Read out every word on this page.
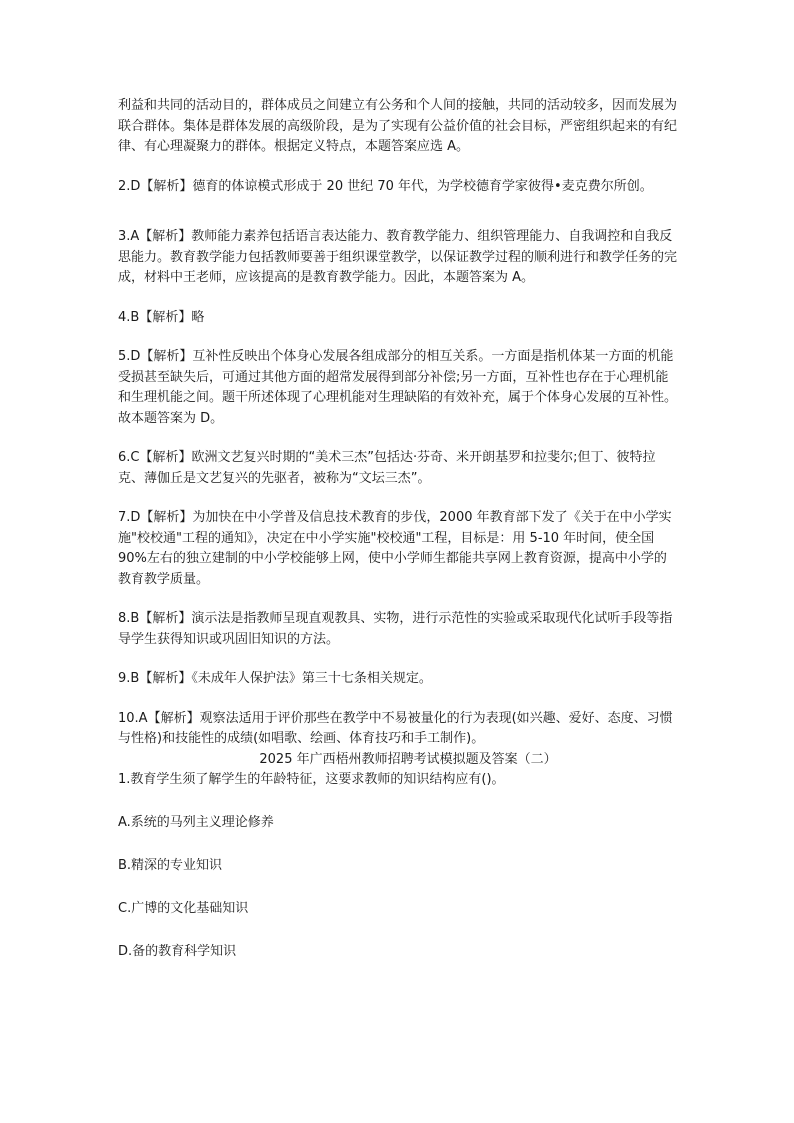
利益和共同的活动目的，群体成员之间建立有公务和个人间的接触，共同的活动较多，因而发展为联合群体。集体是群体发展的高级阶段，是为了实现有公益价值的社会目标，严密组织起来的有纪律、有心理凝聚力的群体。根据定义特点，本题答案应选 A。

2.D【解析】德育的体谅模式形成于 20 世纪 70 年代，为学校德育学家彼得•麦克费尔所创。

3.A【解析】教师能力素养包括语言表达能力、教育教学能力、组织管理能力、自我调控和自我反思能力。教育教学能力包括教师要善于组织课堂教学，以保证教学过程的顺利进行和教学任务的完成，材料中王老师，应该提高的是教育教学能力。因此，本题答案为 A。

4.B【解析】略

5.D【解析】互补性反映出个体身心发展各组成部分的相互关系。一方面是指机体某一方面的机能受损甚至缺失后，可通过其他方面的超常发展得到部分补偿;另一方面，互补性也存在于心理机能和生理机能之间。题干所述体现了心理机能对生理缺陷的有效补充，属于个体身心发展的互补性。故本题答案为 D。

6.C【解析】欧洲文艺复兴时期的“美术三杰”包括达·芬奇、米开朗基罗和拉斐尔;但丁、彼特拉克、薄伽丘是文艺复兴的先驱者，被称为“文坛三杰”。

7.D【解析】为加快在中小学普及信息技术教育的步伐，2000 年教育部下发了《关于在中小学实施"校校通"工程的通知》，决定在中小学实施"校校通"工程，目标是：用 5-10 年时间，使全国 90%左右的独立建制的中小学校能够上网，使中小学师生都能共享网上教育资源，提高中小学的教育教学质量。

8.B【解析】演示法是指教师呈现直观教具、实物，进行示范性的实验或采取现代化试听手段等指导学生获得知识或巩固旧知识的方法。

9.B【解析】《未成年人保护法》第三十七条相关规定。

10.A【解析】观察法适用于评价那些在教学中不易被量化的行为表现(如兴趣、爱好、态度、习惯与性格)和技能性的成绩(如唱歌、绘画、体育技巧和手工制作)。

2025 年广西梧州教师招聘考试模拟题及答案（二）

1.教育学生须了解学生的年龄特征，这要求教师的知识结构应有()。

A.系统的马列主义理论修养

B.精深的专业知识

C.广博的文化基础知识

D.备的教育科学知识
